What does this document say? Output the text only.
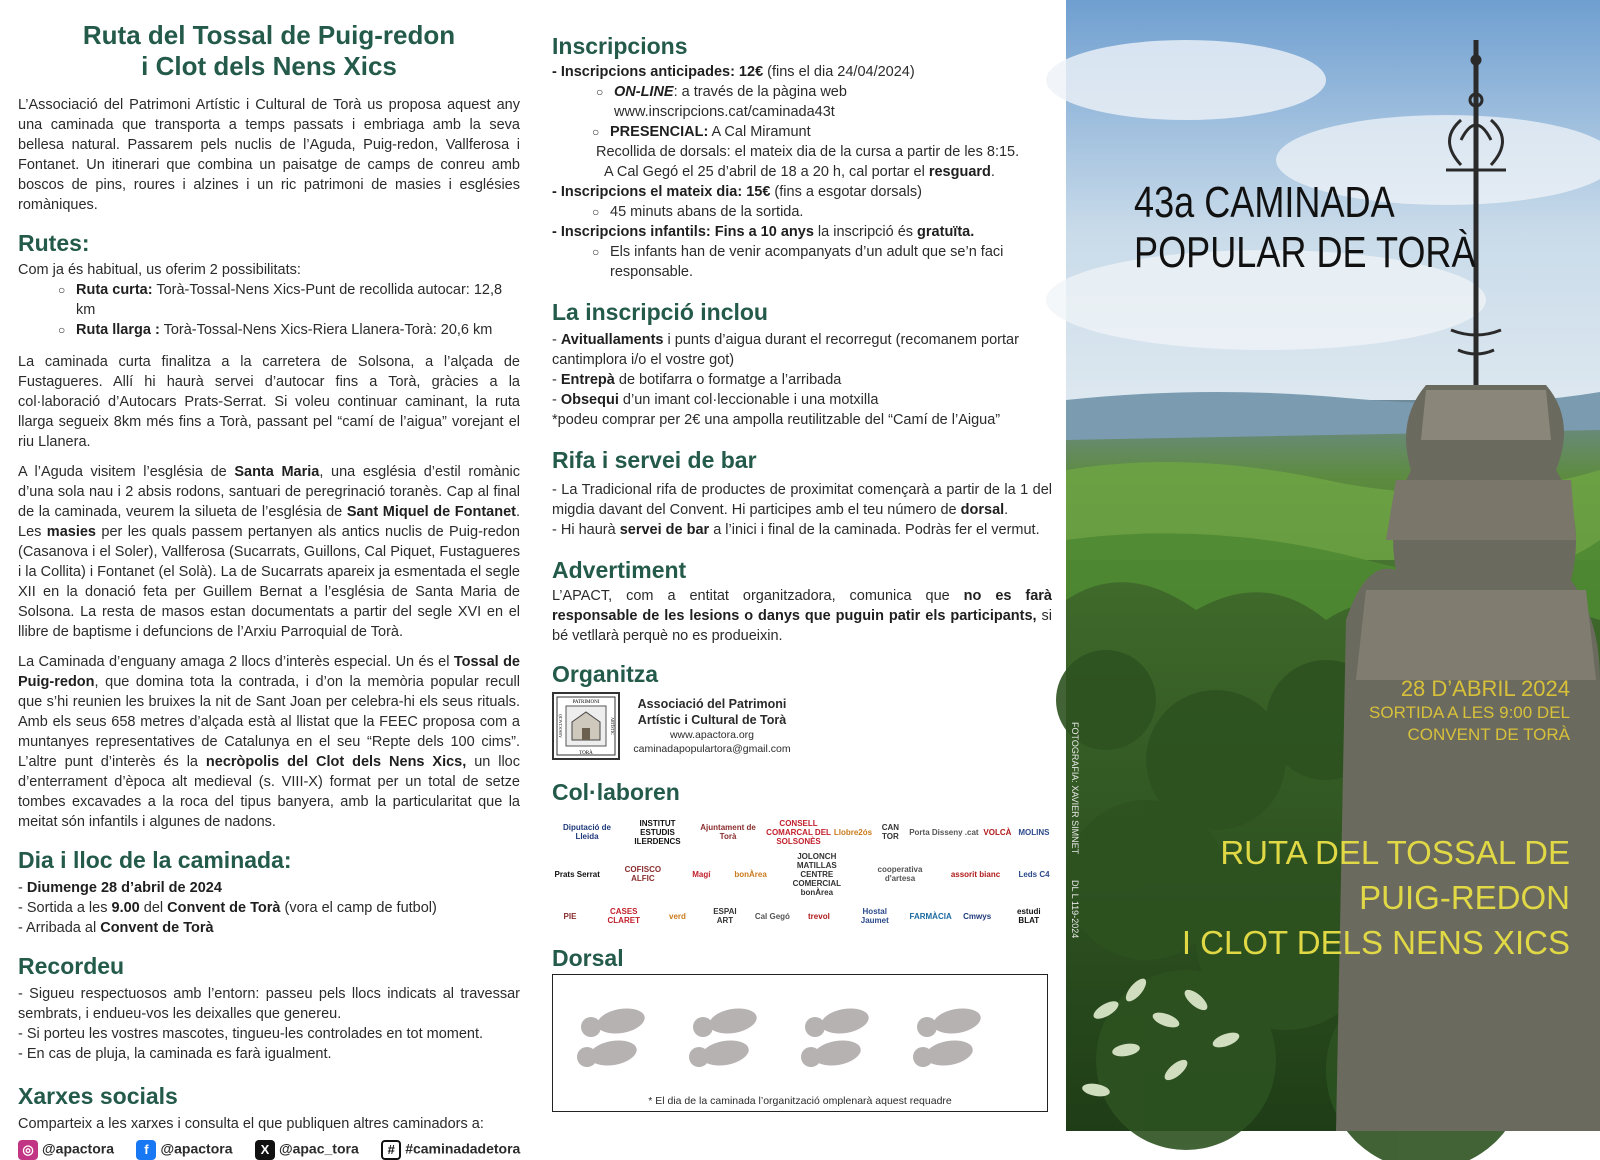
Ruta del Tossal de Puig-redon
i Clot dels Nens Xics

L’Associació del Patrimoni Artístic i Cultural de Torà us proposa aquest any una caminada que transporta a temps passats i embriaga amb la seva bellesa natural. Passarem pels nuclis de l’Aguda, Puig-redon, Vallferosa i Fontanet. Un itinerari que combina un paisatge de camps de conreu amb boscos de pins, roures i alzines i un ric patrimoni de masies i esglésies romàniques.

Rutes:

Com ja és habitual, us oferim 2 possibilitats:

○ Ruta curta: Torà-Tossal-Nens Xics-Punt de recollida autocar: 12,8 km
○ Ruta llarga : Torà-Tossal-Nens Xics-Riera Llanera-Torà: 20,6 km

La caminada curta finalitza a la carretera de Solsona, a l’alçada de Fustagueres. Allí hi haurà servei d’autocar fins a Torà, gràcies a la col·laboració d’Autocars Prats-Serrat. Si voleu continuar caminant, la ruta llarga segueix 8km més fins a Torà, passant pel “camí de l’aigua” vorejant el riu Llanera.

A l’Aguda visitem l’església de Santa Maria, una església d’estil romànic d’una sola nau i 2 absis rodons, santuari de peregrinació toranès. Cap al final de la caminada, veurem la silueta de l’església de Sant Miquel de Fontanet. Les masies per les quals passem pertanyen als antics nuclis de Puig-redon (Casanova i el Soler), Vallferosa (Sucarrats, Guillons, Cal Piquet, Fustagueres i la Collita) i Fontanet (el Solà). La de Sucarrats apareix ja esmentada el segle XII en la donació feta per Guillem Bernat a l’església de Santa Maria de Solsona. La resta de masos estan documentats a partir del segle XVI en el llibre de baptisme i defuncions de l’Arxiu Parroquial de Torà.

La Caminada d’enguany amaga 2 llocs d’interès especial. Un és el Tossal de Puig-redon, que domina tota la contrada, i d’on la memòria popular recull que s’hi reunien les bruixes la nit de Sant Joan per celebra-hi els seus rituals. Amb els seus 658 metres d’alçada està al llistat que la FEEC proposa com a muntanyes representatives de Catalunya en el seu “Repte dels 100 cims”. L’altre punt d’interès és la necròpolis del Clot dels Nens Xics, un lloc d’enterrament d’època alt medieval (s. VIII-X) format per un total de setze tombes excavades a la roca del tipus banyera, amb la particularitat que la meitat són infantils i algunes de nadons.

Dia i lloc de la caminada:

- Diumenge 28 d’abril de 2024

- Sortida a les 9.00 del Convent de Torà (vora el camp de futbol)

- Arribada al Convent de Torà

Recordeu

- Sigueu respectuosos amb l’entorn: passeu pels llocs indicats al travessar sembrats, i endueu-vos les deixalles que genereu.

- Si porteu les vostres mascotes, tingueu-les controlades en tot moment.

- En cas de pluja, la caminada es farà igualment.

Xarxes socials

Comparteix a les xarxes i consulta el que publiquen altres caminadors a:

◎ @apactora f @apactora X @apac_tora # #caminadadetora
Inscripcions

- Inscripcions anticipades: 12€ (fins el dia 24/04/2024)

○ ON-LINE: a través de la pàgina web

www.inscripcions.cat/caminada43t

○ PRESENCIAL: A Cal Miramunt

Recollida de dorsals: el mateix dia de la cursa a partir de les 8:15.

A Cal Gegó el 25 d’abril de 18 a 20 h, cal portar el resguard.

- Inscripcions el mateix dia: 15€ (fins a esgotar dorsals)

○ 45 minuts abans de la sortida.

- Inscripcions infantils: Fins a 10 anys la inscripció és gratuïta.

○ Els infants han de venir acompanyats d’un adult que se’n faci responsable.
La inscripció inclou

- Avituallaments i punts d’aigua durant el recorregut (recomanem portar cantimplora i/o el vostre got)

- Entrepà de botifarra o formatge a l’arribada

- Obsequi d’un imant col·leccionable i una motxilla

*podeu comprar per 2€ una ampolla reutilitzable del “Camí de l’Aigua”

Rifa i servei de bar

- La Tradicional rifa de productes de proximitat començarà a partir de la 1 del migdia davant del Convent. Hi participes amb el teu número de dorsal.

- Hi haurà servei de bar a l’inici i final de la caminada. Podràs fer el vermut.

Advertiment

L’APACT, com a entitat organitzadora, comunica que no es farà responsable de les lesions o danys que puguin patir els participants, si bé vetllarà perquè no es produeixin.

Organitza
PATRIMONI
TORÀ
ASSOCIACIÓ	ARTÍSTIC
Associació del Patrimoni
Artístic i Cultural de Torà
www.apactora.org
caminadapopulartora@gmail.com
Col·laboren
Diputació de Lleida
INSTITUT ESTUDIS ILERDENCS
Ajuntament de Torà
CONSELL COMARCAL DEL SOLSONÈS
Llobre2ós	CAN TOR	Porta Disseny .cat VOLCÀ MOLINS
Prats Serrat	COFISCO ALFIC	Magí	bonÀrea
JOLONCH MATILLAS CENTRE COMERCIAL bonÀrea
cooperativa d'artesa	assorit bianc	Leds C4
PIE	CASES CLARET	verd	ESPAI ART	Cal Gegó	trevol	Hostal Jaumet	FARMÀCIA	Cmwys	estudi BLAT
Dorsal
* El dia de la caminada l’organització omplenarà aquest requadre
43a CAMINADA
POPULAR DE TORÀ
28 D’ABRIL 2024
SORTIDA A LES 9:00 DEL
CONVENT DE TORÀ
RUTA DEL TOSSAL DE
PUIG-REDON
I CLOT DELS NENS XICS
FOTOGRAFIA: XAVIER SIMNET
DL L 119-2024
